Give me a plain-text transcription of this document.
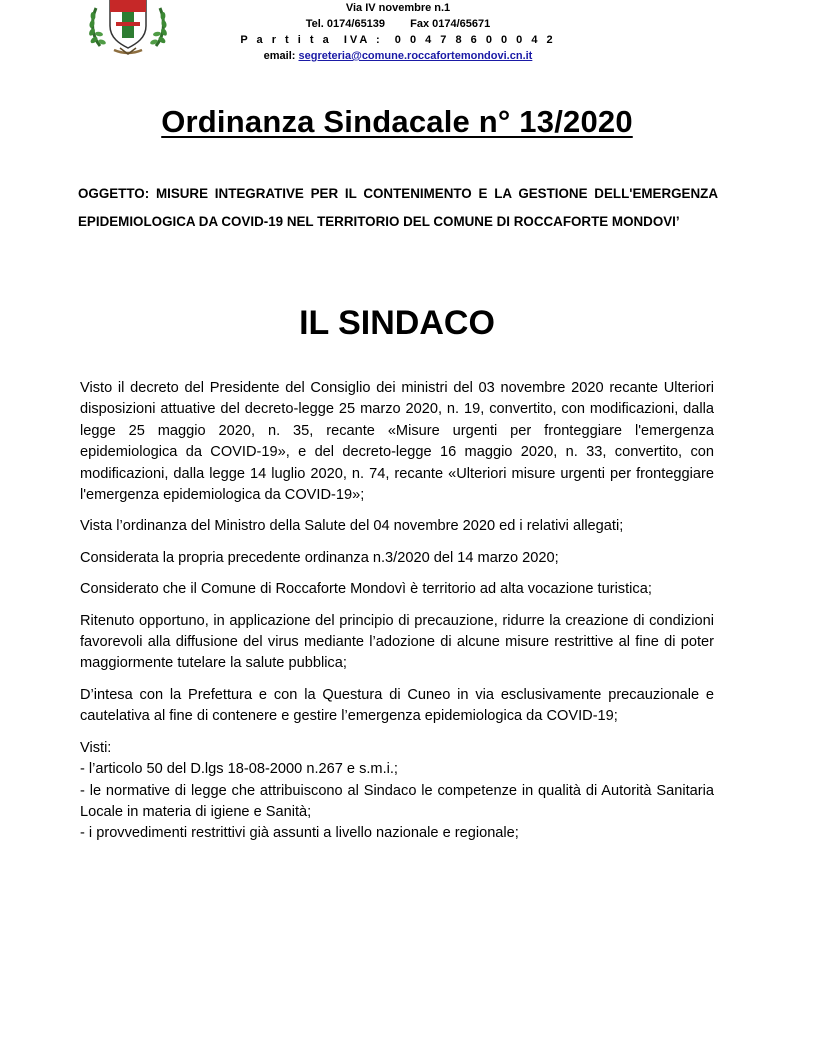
Via IV novembre n.1
Tel. 0174/65139 Fax 0174/65671
P a r t i t a  IVA :  0 0 4 7 8 6 0 0 0 4 2
email: segreteria@comune.roccafortemondovi.cn.it
Ordinanza Sindacale n° 13/2020
OGGETTO: MISURE INTEGRATIVE PER IL CONTENIMENTO E LA GESTIONE DELL'EMERGENZA EPIDEMIOLOGICA DA COVID-19 NEL TERRITORIO DEL COMUNE DI ROCCAFORTE MONDOVI’
IL SINDACO

Visto il decreto del Presidente del Consiglio dei ministri del 03 novembre 2020 recante Ulteriori disposizioni attuative del decreto-legge 25 marzo 2020, n. 19, convertito, con modificazioni, dalla legge 25 maggio 2020, n. 35, recante «Misure urgenti per fronteggiare l'emergenza epidemiologica da COVID-19», e del decreto-legge 16 maggio 2020, n. 33, convertito, con modificazioni, dalla legge 14 luglio 2020, n. 74, recante «Ulteriori misure urgenti per fronteggiare l'emergenza epidemiologica da COVID-19»;

Vista l’ordinanza del Ministro della Salute del 04 novembre 2020 ed i relativi allegati;

Considerata la propria precedente ordinanza n.3/2020 del 14 marzo 2020;

Considerato che il Comune di Roccaforte Mondovì è territorio ad alta vocazione turistica;

Ritenuto opportuno, in applicazione del principio di precauzione, ridurre la creazione di condizioni favorevoli alla diffusione del virus mediante l’adozione di alcune misure restrittive al fine di poter maggiormente tutelare la salute pubblica;

D’intesa con la Prefettura e con la Questura di Cuneo in via esclusivamente precauzionale e cautelativa al fine di contenere e gestire l’emergenza epidemiologica da COVID-19;

Visti:
- l’articolo 50 del D.lgs 18-08-2000 n.267 e s.m.i.;
- le normative di legge che attribuiscono al Sindaco le competenze in qualità di Autorità Sanitaria Locale in materia di igiene e Sanità;
- i provvedimenti restrittivi già assunti a livello nazionale e regionale;
